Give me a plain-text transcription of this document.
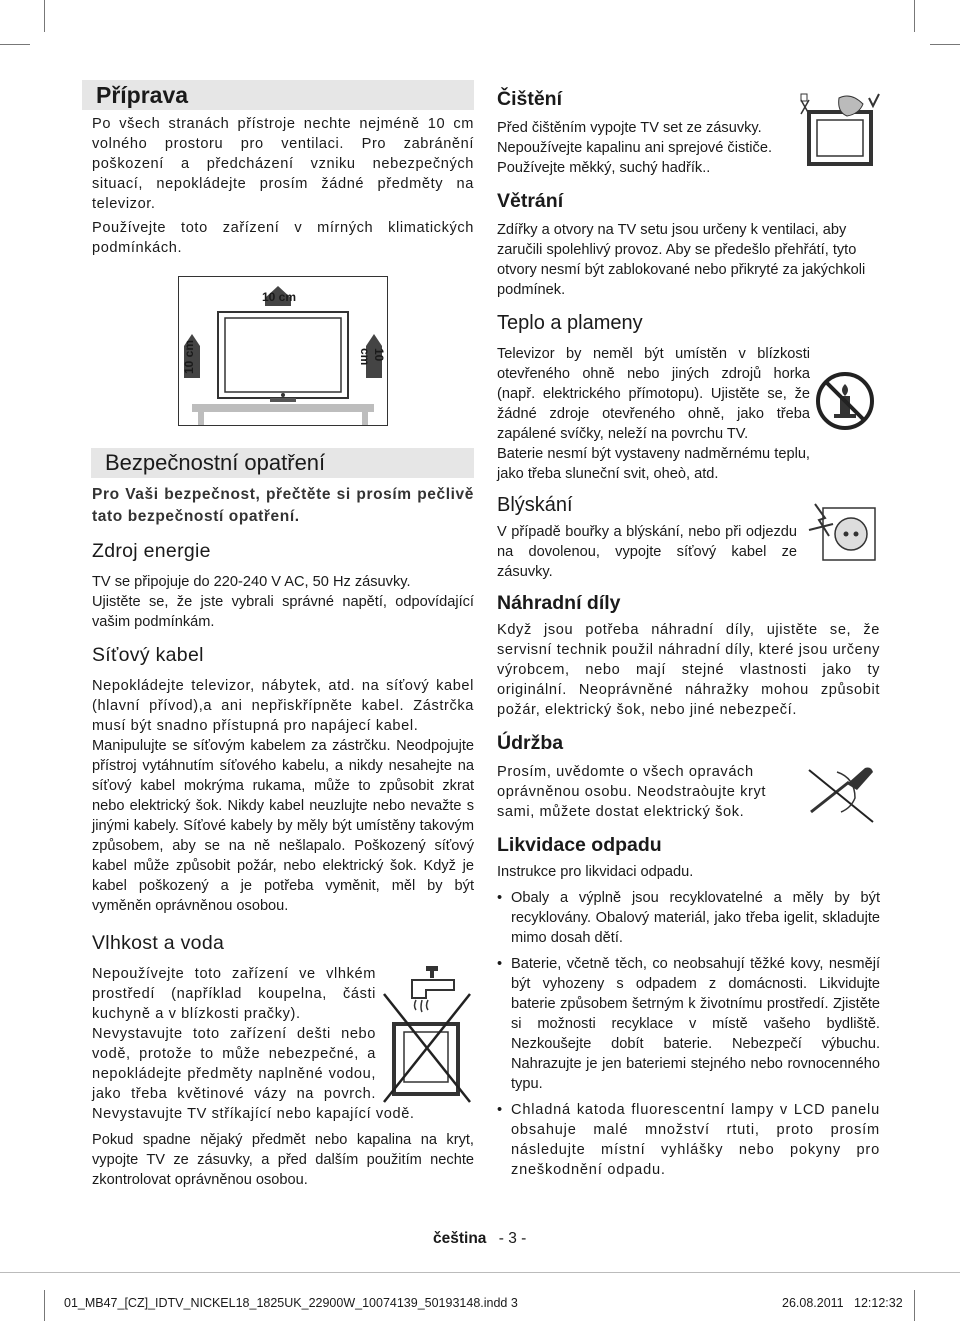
Příprava

Po všech stranách přístroje nechte nejméně 10 cm volného prostoru pro ventilaci. Pro zabránění poškození a předcházení vzniku nebezpečných situací, nepokládejte prosím žádné předměty na televizor.

Používejte toto zařízení v mírných klimatických podmínkách.

10 cm
10 cm	10 cm
Bezpečnostní opatření

Pro Vaši bezpečnost, přečtěte si prosím pečlivě tato bezpečností opatření.

Zdroj energie

TV se připojuje do 220-240 V AC, 50 Hz zásuvky.

Ujistěte se, že jste vybrali správné napětí, odpovídající vašim podmínkám.

Síťový kabel

Nepokládejte televizor, nábytek, atd. na síťový kabel (hlavní přívod),a ani nepřiskřípněte kabel. Zástrčka musí být snadno přístupná pro napájecí kabel.

Manipulujte se síťovým kabelem za zástrčku. Neodpojujte přístroj vytáhnutím síťového kabelu, a nikdy nesahejte na síťový kabel mokrýma rukama, může to způsobit zkrat nebo elektrický šok. Nikdy kabel neuzlujte nebo nevažte s jinými kabely. Síťové kabely by měly být umístěny takovým způsobem, aby se na ně nešlapalo. Poškozený síťový kabel může způsobit požár, nebo elektrický šok. Když je kabel poškozený a je potřeba vyměnit, měl by být vyměněn oprávněnou osobou.

Vlhkost a voda

Nepoužívejte toto zařízení ve vlhkém prostředí (například koupelna, části kuchyně a v blízkosti pračky).

Nevystavujte toto zařízení dešti nebo vodě, protože to může nebezpečné, a nepokládejte předměty naplněné vodou, jako třeba květinové vázy na povrch. Nevystavujte TV stříkající nebo kapající vodě.

Pokud spadne nějaký předmět nebo kapalina na kryt, vypojte TV ze zásuvky, a před dalším použitím nechte zkontrolovat oprávněnou osobou.

Čištění

Před čištěním vypojte TV set ze zásuvky. Nepoužívejte kapalinu ani sprejové čističe. Používejte měkký, suchý hadřík..

Větrání

Zdířky a otvory na TV setu jsou určeny k ventilaci, aby zaručili spolehlivý provoz. Aby se předešlo přehřátí, tyto otvory nesmí být zablokované nebo přikryté za jakýchkoli podmínek.

Teplo a plameny

Televizor by neměl být umístěn v blízkosti otevřeného ohně nebo jiných zdrojů horka (např. elektrického přímotopu). Ujistěte se, že žádné zdroje otevřeného ohně, jako třeba zapálené svíčky, neleží na povrchu TV.

Baterie nesmí být vystaveny nadměrnému teplu, jako třeba sluneční svit, oheò, atd.

Blýskání

V případě bouřky a blýskání, nebo při odjezdu na dovolenou, vypojte síťový kabel ze zásuvky.

Náhradní díly

Když jsou potřeba náhradní díly, ujistěte se, že servisní technik použil náhradní díly, které jsou určeny výrobcem, nebo mají stejné vlastnosti jako ty originální. Neoprávněné náhražky mohou způsobit požár, elektrický šok, nebo jiné nebezpečí.

Údržba

Prosím, uvědomte o všech opravách oprávněnou osobu. Neodstraòujte kryt sami, můžete dostat elektrický šok.

Likvidace odpadu

Instrukce pro likvidaci odpadu.

• Obaly a výplně jsou recyklovatelné a měly by být recyklovány. Obalový materiál, jako třeba igelit, skladujte mimo dosah dětí.
• Baterie, včetně těch, co neobsahují těžké kovy, nesmějí být vyhozeny s odpadem z domácnosti. Likvidujte baterie způsobem šetrným k životnímu prostředí. Zjistěte si možnosti recyklace v místě vašeho bydliště. Nezkoušejte dobít baterie. Nebezpečí výbuchu. Nahrazujte je jen bateriemi stejného nebo rovnocenného typu.
• Chladná katoda fluorescentní lampy v LCD panelu obsahuje malé množství rtuti, proto prosím následujte místní vyhlášky nebo pokyny pro zneškodnění odpadu.
čeština - 3 -
01_MB47_[CZ]_IDTV_NICKEL18_1825UK_22900W_10074139_50193148.indd 3	26.08.2011 12:12:32
